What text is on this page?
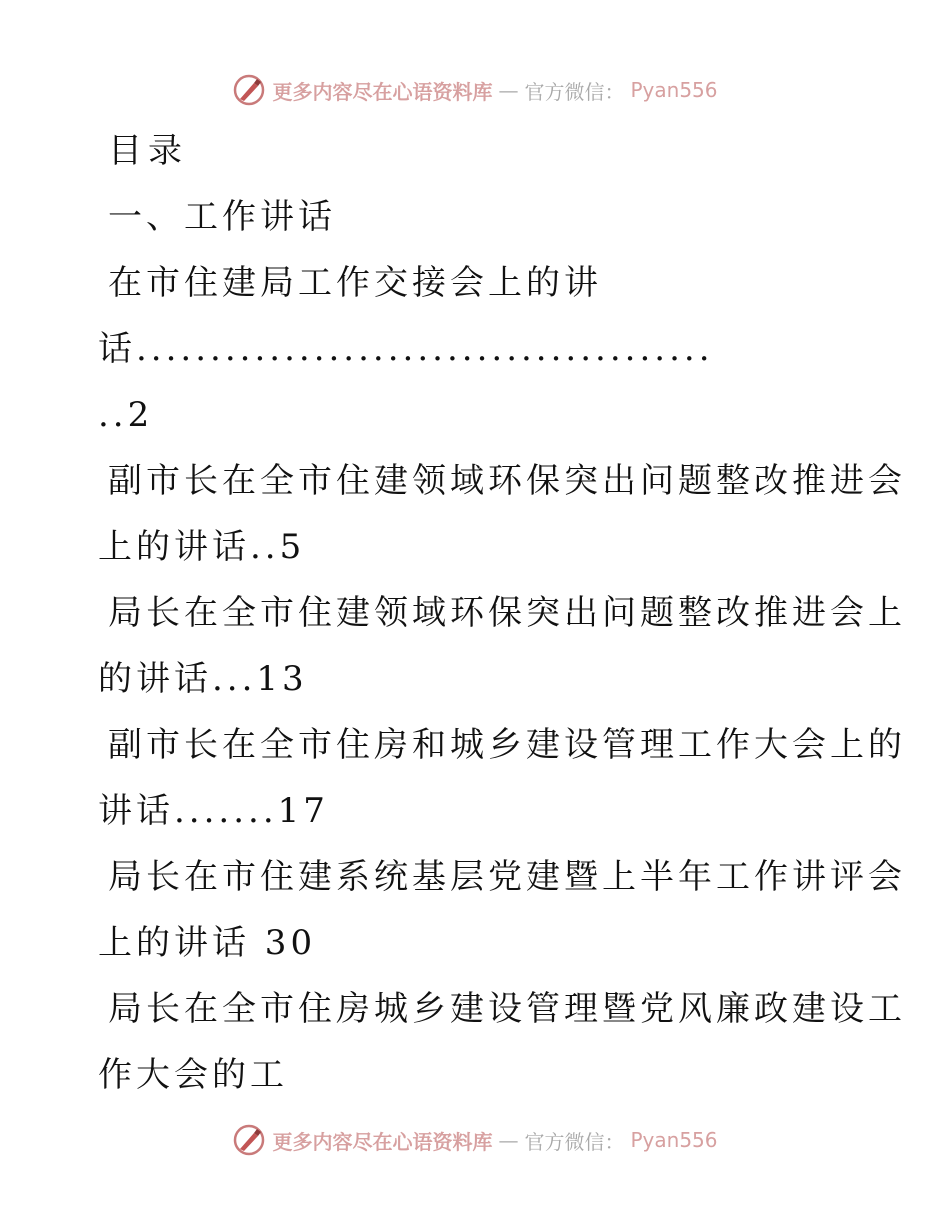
更多内容尽在心语资料库 — 官方微信： Pyan556
目录
一、工作讲话
在市住建局工作交接会上的讲
话.......................................
..2
副市长在全市住建领域环保突出问题整改推进会
上的讲话..5
局长在全市住建领域环保突出问题整改推进会上
的讲话...13
副市长在全市住房和城乡建设管理工作大会上的
讲话.......17
局长在市住建系统基层党建暨上半年工作讲评会
上的讲话 30
局长在全市住房城乡建设管理暨党风廉政建设工
作大会的工
更多内容尽在心语资料库 — 官方微信： Pyan556
